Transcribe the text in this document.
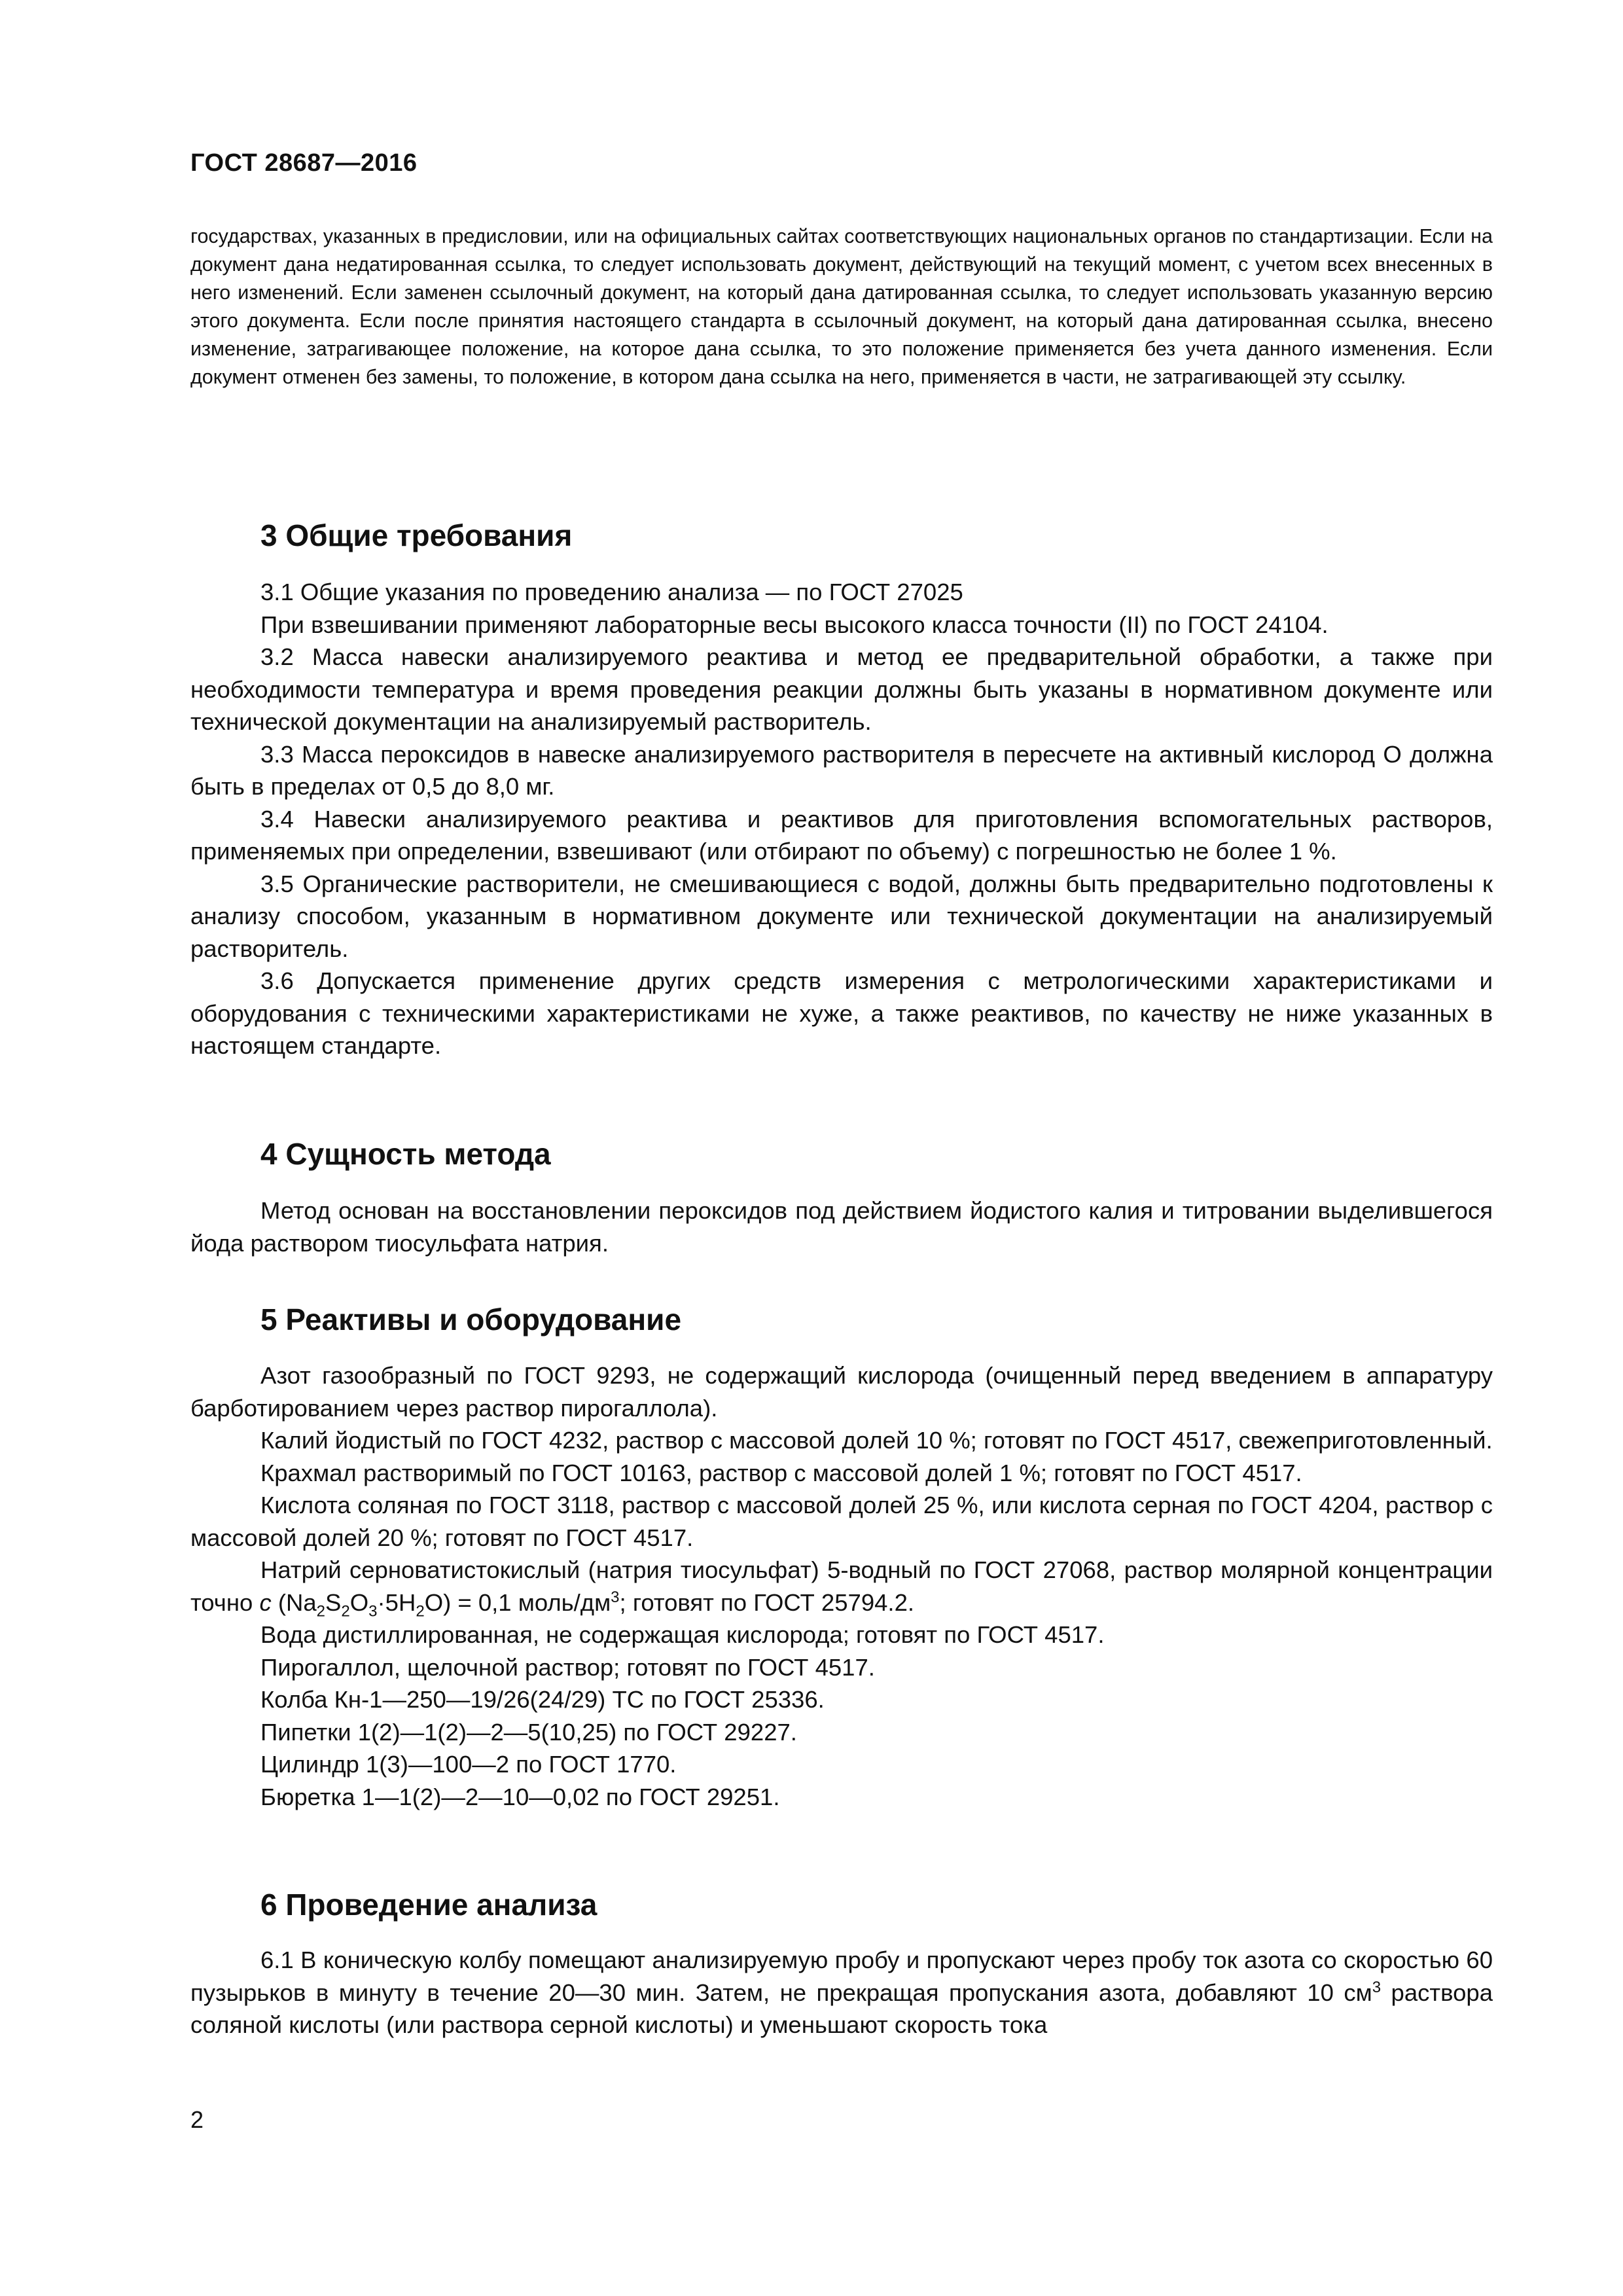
ГОСТ 28687—2016
государствах, указанных в предисловии, или на официальных сайтах соответствующих национальных органов по стандартизации. Если на документ дана недатированная ссылка, то следует использовать документ, действующий на текущий момент, с учетом всех внесенных в него изменений. Если заменен ссылочный документ, на который дана датированная ссылка, то следует использовать указанную версию этого документа. Если после принятия настоящего стандарта в ссылочный документ, на который дана датированная ссылка, внесено изменение, затрагивающее положение, на которое дана ссылка, то это положение применяется без учета данного изменения. Если документ отменен без замены, то положение, в котором дана ссылка на него, применяется в части, не затрагивающей эту ссылку.
3 Общие требования

3.1 Общие указания по проведению анализа — по ГОСТ 27025

При взвешивании применяют лабораторные весы высокого класса точности (II) по ГОСТ 24104.

3.2 Масса навески анализируемого реактива и метод ее предварительной обработки, а также при необходимости температура и время проведения реакции должны быть указаны в нормативном документе или технической документации на анализируемый растворитель.

3.3 Масса пероксидов в навеске анализируемого растворителя в пересчете на активный кислород O должна быть в пределах от 0,5 до 8,0 мг.

3.4 Навески анализируемого реактива и реактивов для приготовления вспомогательных растворов, применяемых при определении, взвешивают (или отбирают по объему) с погрешностью не более 1 %.

3.5 Органические растворители, не смешивающиеся с водой, должны быть предварительно подготовлены к анализу способом, указанным в нормативном документе или технической документации на анализируемый растворитель.

3.6 Допускается применение других средств измерения с метрологическими характеристиками и оборудования с техническими характеристиками не хуже, а также реактивов, по качеству не ниже указанных в настоящем стандарте.

4 Сущность метода

Метод основан на восстановлении пероксидов под действием йодистого калия и титровании выделившегося йода раствором тиосульфата натрия.

5 Реактивы и оборудование

Азот газообразный по ГОСТ 9293, не содержащий кислорода (очищенный перед введением в аппаратуру барботированием через раствор пирогаллола).

Калий йодистый по ГОСТ 4232, раствор с массовой долей 10 %; готовят по ГОСТ 4517, свежеприготовленный.

Крахмал растворимый по ГОСТ 10163, раствор с массовой долей 1 %; готовят по ГОСТ 4517.

Кислота соляная по ГОСТ 3118, раствор с массовой долей 25 %, или кислота серная по ГОСТ 4204, раствор с массовой долей 20 %; готовят по ГОСТ 4517.

Натрий серноватистокислый (натрия тиосульфат) 5-водный по ГОСТ 27068, раствор молярной концентрации точно c $(Na_2S_2O_3\cdot 5H_2O) = 0,1$ моль/$дм^3$; готовят по ГОСТ 25794.2.

Вода дистиллированная, не содержащая кислорода; готовят по ГОСТ 4517.

Пирогаллол, щелочной раствор; готовят по ГОСТ 4517.

Колба Кн-1—250—19/26(24/29) ТС по ГОСТ 25336.

Пипетки 1(2)—1(2)—2—5(10,25) по ГОСТ 29227.

Цилиндр 1(3)—100—2 по ГОСТ 1770.

Бюретка 1—1(2)—2—10—0,02 по ГОСТ 29251.

6 Проведение анализа

6.1 В коническую колбу помещают анализируемую пробу и пропускают через пробу ток азота со скоростью 60 пузырьков в минуту в течение 20—30 мин. Затем, не прекращая пропускания азота, добавляют 10 $см^3$ раствора соляной кислоты (или раствора серной кислоты) и уменьшают скорость тока

2
